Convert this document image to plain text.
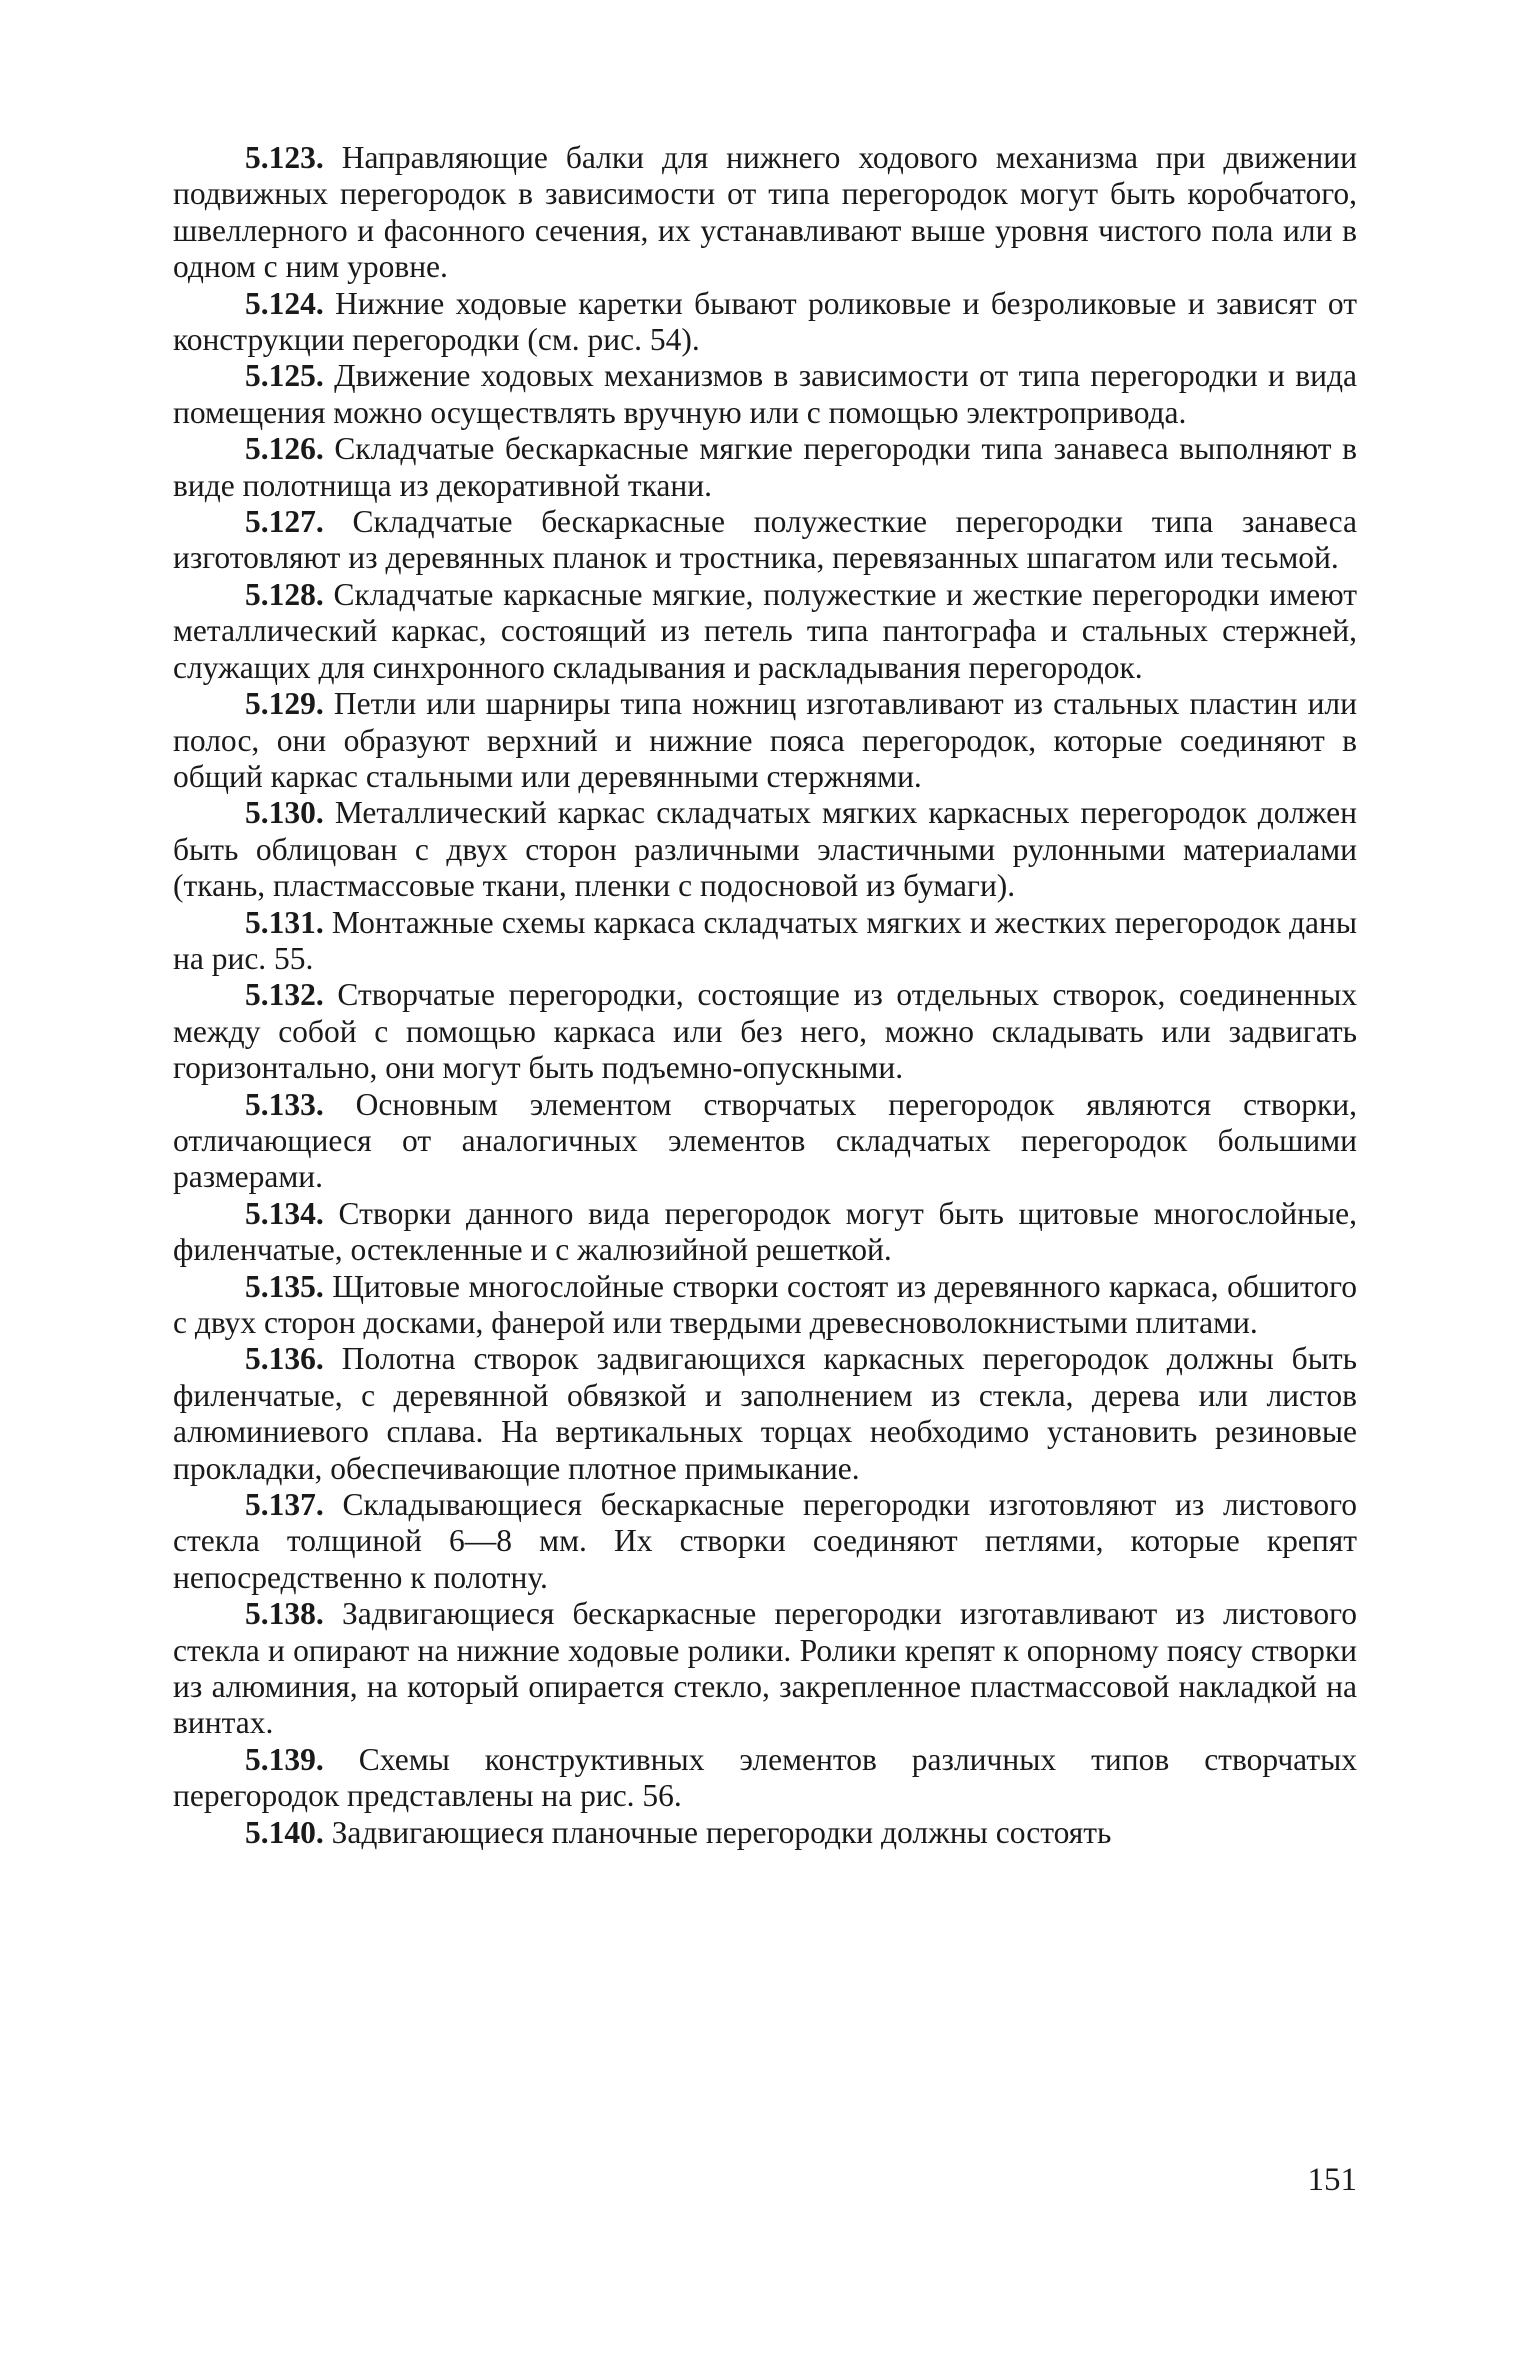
5.123. Направляющие балки для нижнего ходового механизма при движении подвижных перегородок в зависимости от типа перегородок могут быть коробчатого, швеллерного и фасонного сечения, их устанавливают выше уровня чистого пола или в одном с ним уровне.

5.124. Нижние ходовые каретки бывают роликовые и безроликовые и зависят от конструкции перегородки (см. рис. 54).

5.125. Движение ходовых механизмов в зависимости от типа перегородки и вида помещения можно осуществлять вручную или с помощью электропривода.

5.126. Складчатые бескаркасные мягкие перегородки типа занавеса выполняют в виде полотнища из декоративной ткани.

5.127. Складчатые бескаркасные полужесткие перегородки типа занавеса изготовляют из деревянных планок и тростника, перевязанных шпагатом или тесьмой.

5.128. Складчатые каркасные мягкие, полужесткие и жесткие перегородки имеют металлический каркас, состоящий из петель типа пантографа и стальных стержней, служащих для синхронного складывания и раскладывания перегородок.

5.129. Петли или шарниры типа ножниц изготавливают из стальных пластин или полос, они образуют верхний и нижние пояса перегородок, которые соединяют в общий каркас стальными или деревянными стержнями.

5.130. Металлический каркас складчатых мягких каркасных перегородок должен быть облицован с двух сторон различными эластичными рулонными материалами (ткань, пластмассовые ткани, пленки с подосновой из бумаги).

5.131. Монтажные схемы каркаса складчатых мягких и жестких перегородок даны на рис. 55.

5.132. Створчатые перегородки, состоящие из отдельных створок, соединенных между собой с помощью каркаса или без него, можно складывать или задвигать горизонтально, они могут быть подъемно-опускными.

5.133. Основным элементом створчатых перегородок являются створки, отличающиеся от аналогичных элементов складчатых перегородок большими размерами.

5.134. Створки данного вида перегородок могут быть щитовые многослойные, филенчатые, остекленные и с жалюзийной решеткой.

5.135. Щитовые многослойные створки состоят из деревянного каркаса, обшитого с двух сторон досками, фанерой или твердыми древесноволокнистыми плитами.

5.136. Полотна створок задвигающихся каркасных перегородок должны быть филенчатые, с деревянной обвязкой и заполнением из стекла, дерева или листов алюминиевого сплава. На вертикальных торцах необходимо установить резиновые прокладки, обеспечивающие плотное примыкание.

5.137. Складывающиеся бескаркасные перегородки изготовляют из листового стекла толщиной 6—8 мм. Их створки соединяют петлями, которые крепят непосредственно к полотну.

5.138. Задвигающиеся бескаркасные перегородки изготавливают из листового стекла и опирают на нижние ходовые ролики. Ролики крепят к опорному поясу створки из алюминия, на который опирается стекло, закрепленное пластмассовой накладкой на винтах.

5.139. Схемы конструктивных элементов различных типов створчатых перегородок представлены на рис. 56.

5.140. Задвигающиеся планочные перегородки должны состоять

151
